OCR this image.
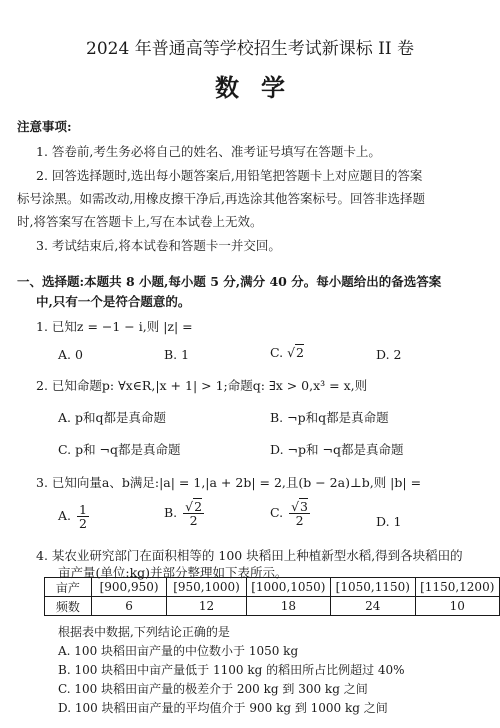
2024 年普通高等学校招生考试新课标 II 卷
数学
注意事项:
1. 答卷前,考生务必将自己的姓名、准考证号填写在答题卡上。
2. 回答选择题时,选出每小题答案后,用铅笔把答题卡上对应题目的答案
标号涂黑。如需改动,用橡皮擦干净后,再选涂其他答案标号。回答非选择题
时,将答案写在答题卡上,写在本试卷上无效。
3. 考试结束后,将本试卷和答题卡一并交回。
一、选择题:本题共 8 小题,每小题 5 分,满分 40 分。每小题给出的备选答案
中,只有一个是符合题意的。
1. 已知z = −1 − i,则 |z| =
A. 0	B. 1	C. √2	D. 2
2. 已知命题p: ∀x∈R,|x + 1| > 1;命题q: ∃x > 0,x³ = x,则
A. p和q都是真命题	B. ¬p和q都是真命题
C. p和 ¬q都是真命题	D. ¬p和 ¬q都是真命题
3. 已知向量a、b满足:|a| = 1,|a + 2b| = 2,且(b − 2a)⊥b,则 |b| =
A. $\frac{1}{2}$	B. $\frac{√2}{2}$	C. $\frac{√3}{2}$	D. 1
4. 某农业研究部门在面积相等的 100 块稻田上种植新型水稻,得到各块稻田的
亩产量(单位:kg)并部分整理如下表所示。
亩产	[900,950)	[950,1000)	[1000,1050)	[1050,1150)	[1150,1200)
频数	6	12	18	24	10
根据表中数据,下列结论正确的是
A. 100 块稻田亩产量的中位数小于 1050 kg
B. 100 块稻田中亩产量低于 1100 kg 的稻田所占比例超过 40%
C. 100 块稻田亩产量的极差介于 200 kg 到 300 kg 之间
D. 100 块稻田亩产量的平均值介于 900 kg 到 1000 kg 之间
